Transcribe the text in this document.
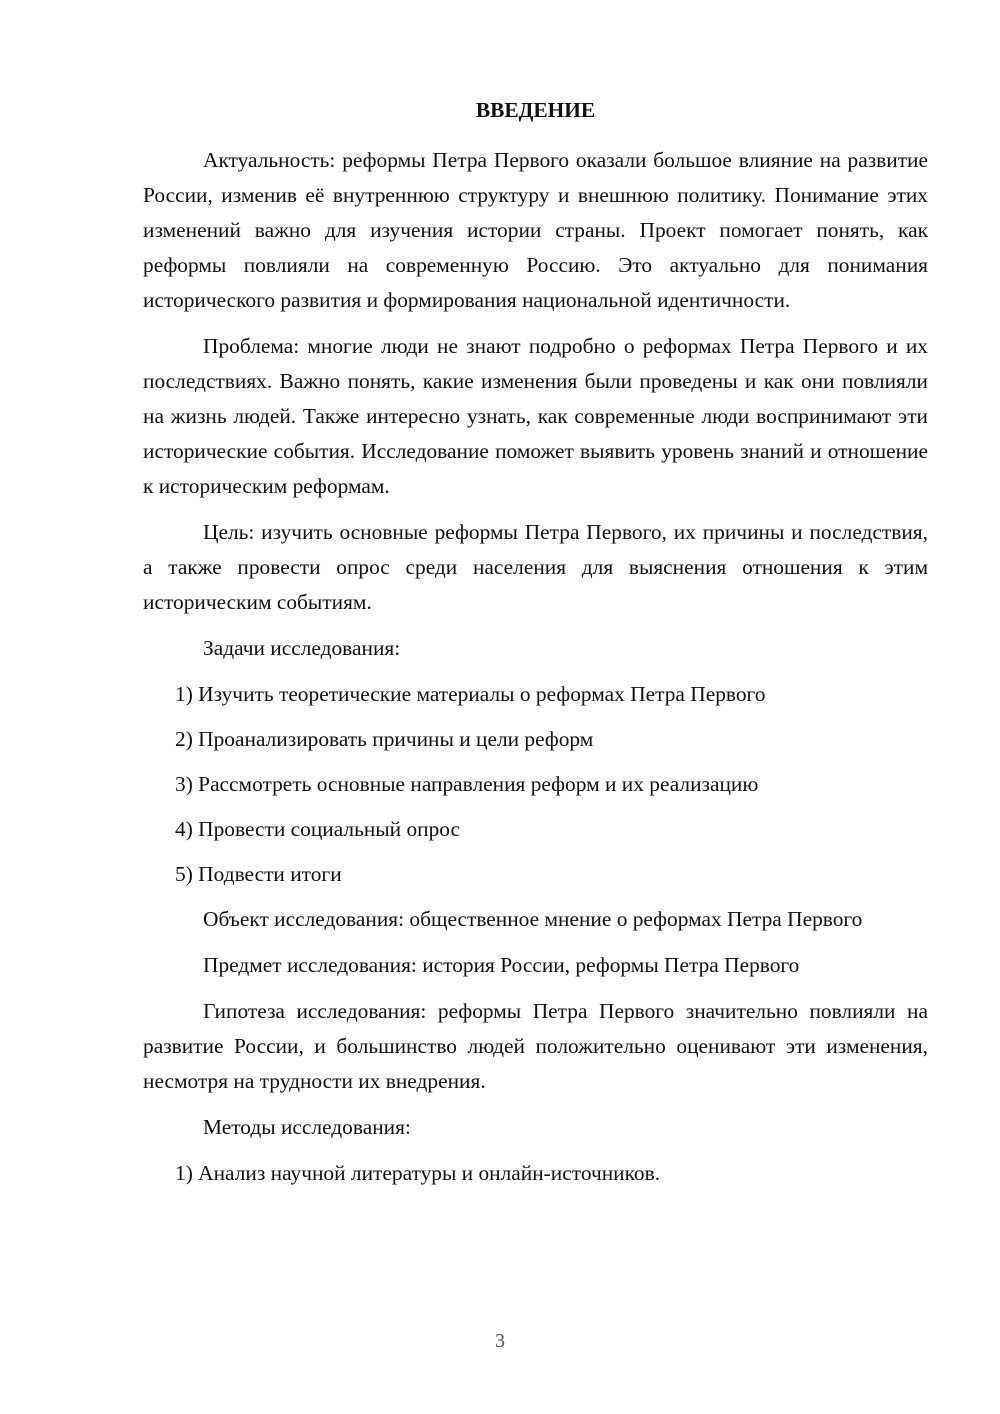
ВВЕДЕНИЕ

Актуальность: реформы Петра Первого оказали большое влияние на развитие России, изменив её внутреннюю структуру и внешнюю политику. Понимание этих изменений важно для изучения истории страны. Проект помогает понять, как реформы повлияли на современную Россию. Это актуально для понимания исторического развития и формирования национальной идентичности.

Проблема: многие люди не знают подробно о реформах Петра Первого и их последствиях. Важно понять, какие изменения были проведены и как они повлияли на жизнь людей. Также интересно узнать, как современные люди воспринимают эти исторические события. Исследование поможет выявить уровень знаний и отношение к историческим реформам.

Цель: изучить основные реформы Петра Первого, их причины и последствия, а также провести опрос среди населения для выяснения отношения к этим историческим событиям.

Задачи исследования:

1) Изучить теоретические материалы о реформах Петра Первого
2) Проанализировать причины и цели реформ
3) Рассмотреть основные направления реформ и их реализацию
4) Провести социальный опрос
5) Подвести итоги

Объект исследования: общественное мнение о реформах Петра Первого

Предмет исследования: история России, реформы Петра Первого

Гипотеза исследования: реформы Петра Первого значительно повлияли на развитие России, и большинство людей положительно оценивают эти изменения, несмотря на трудности их внедрения.

Методы исследования:

1) Анализ научной литературы и онлайн-источников.
3
